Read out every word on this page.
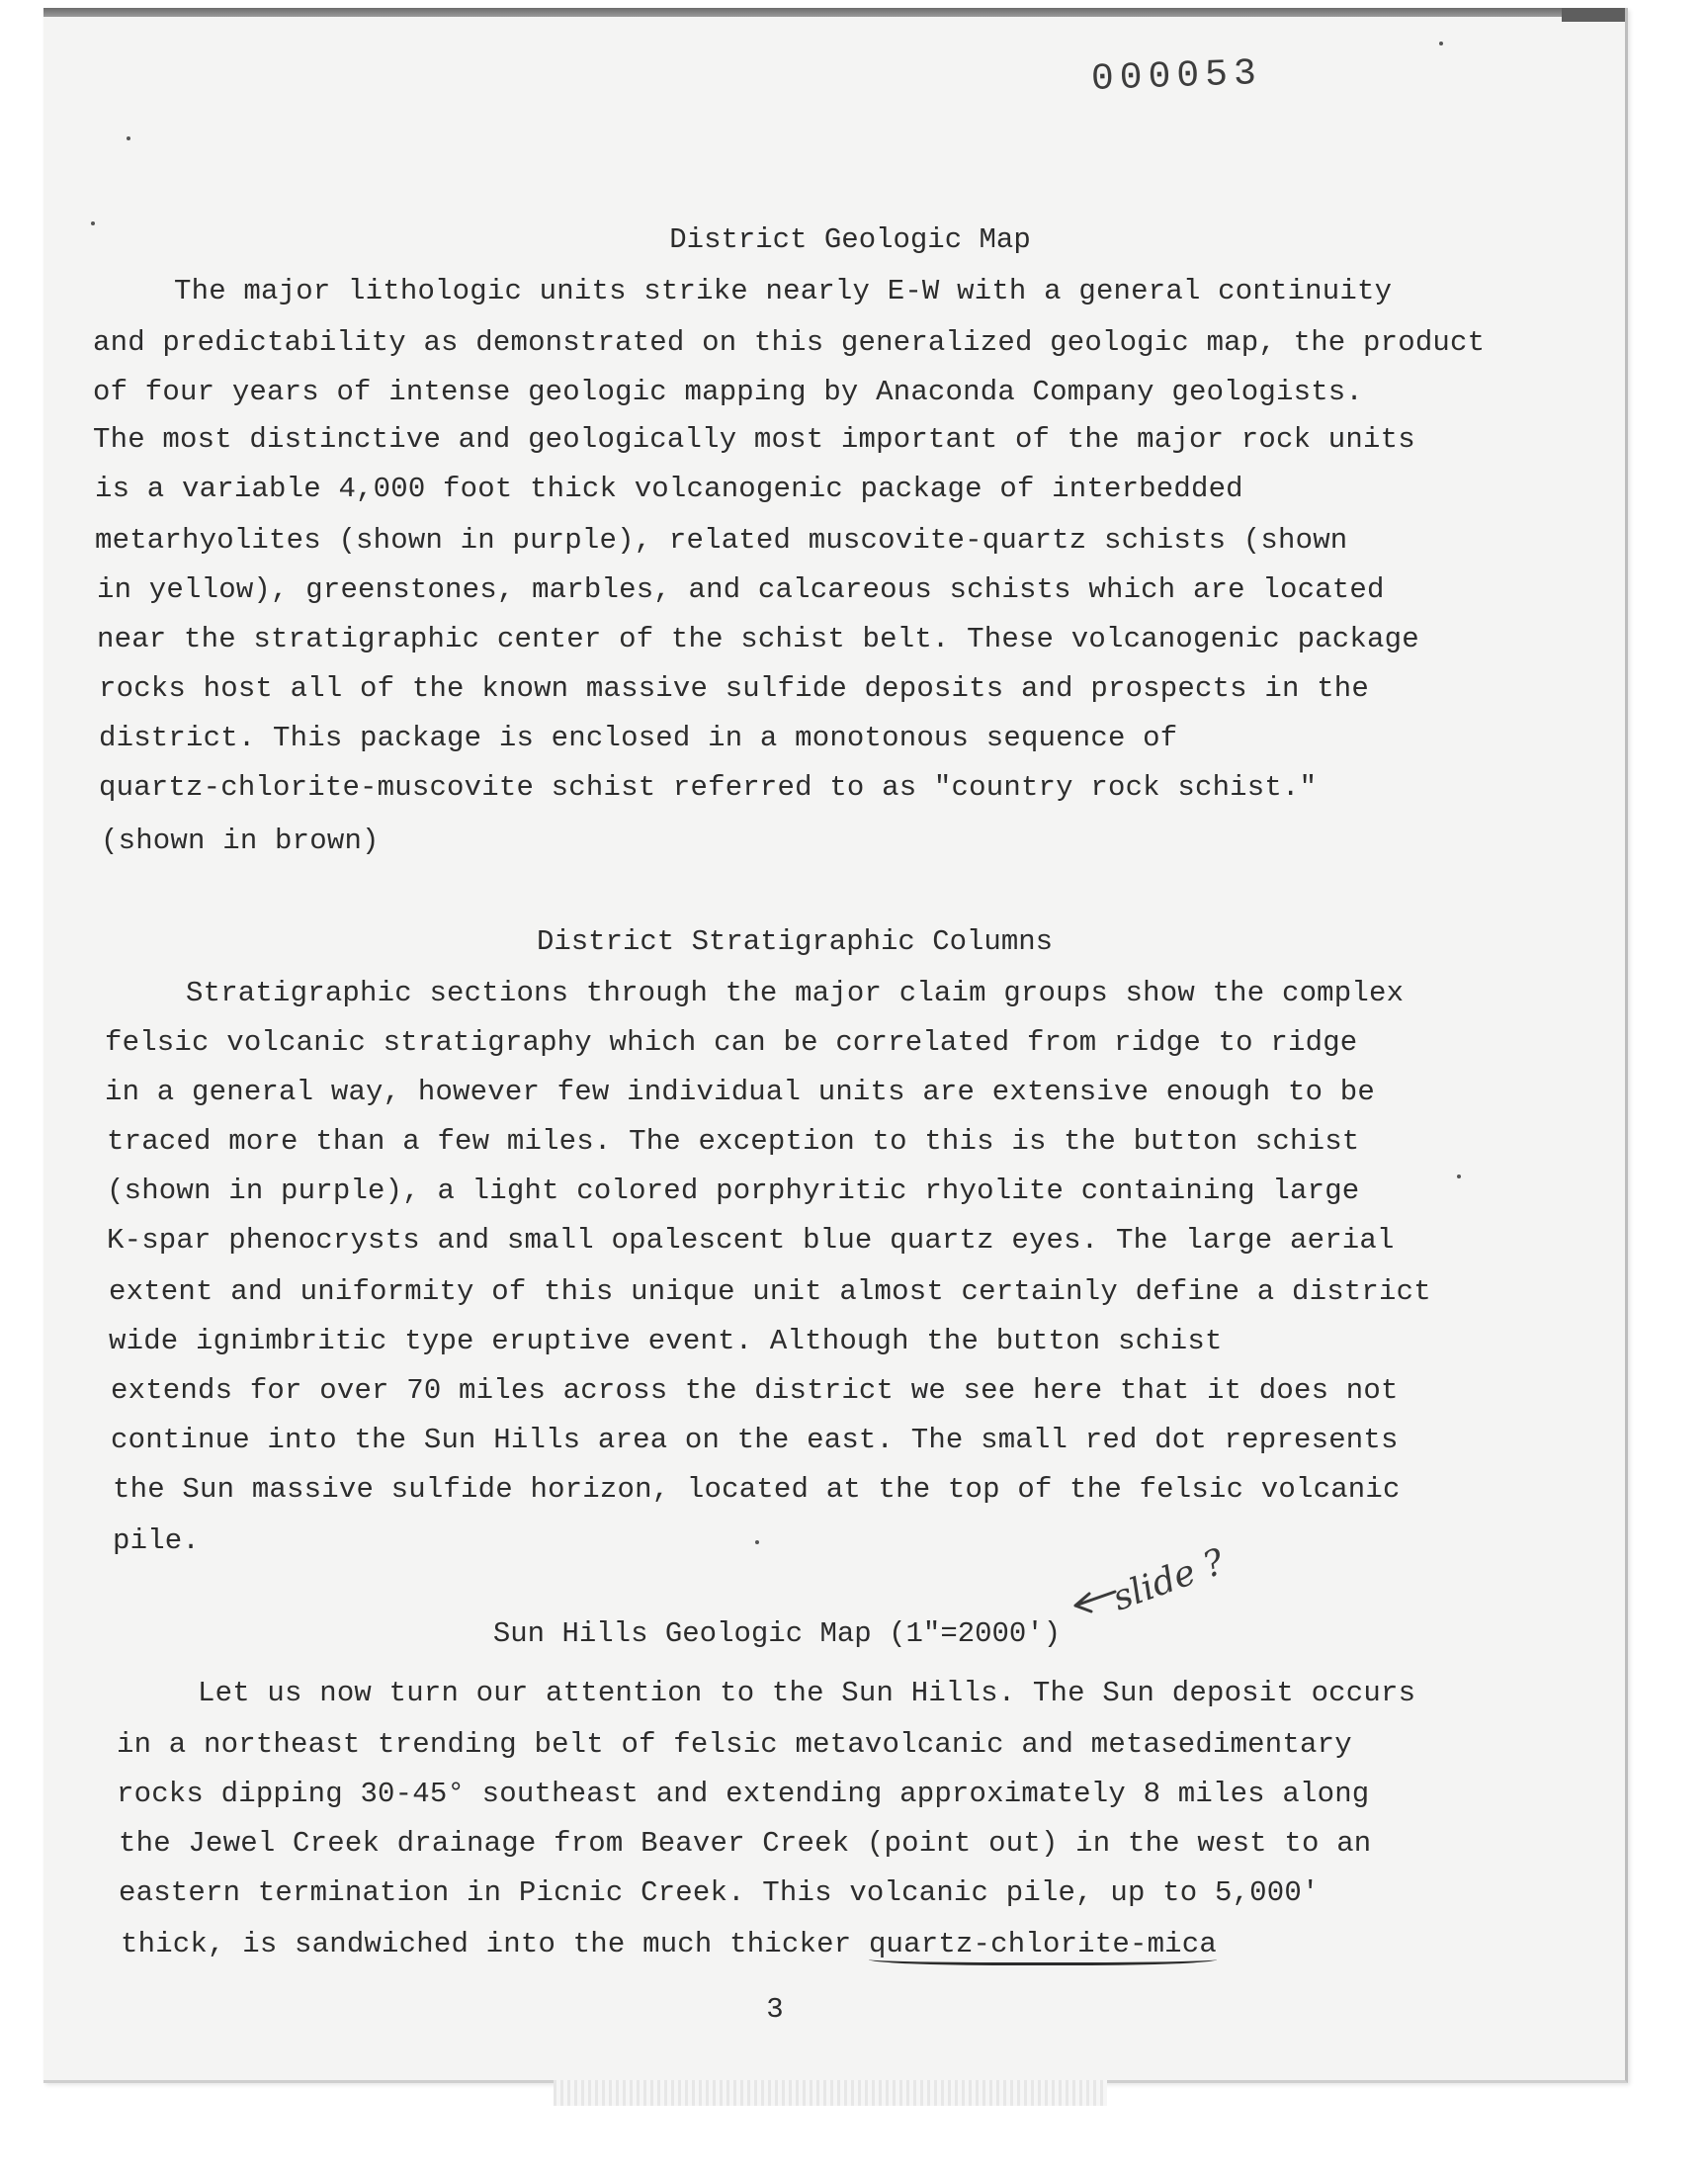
000053
District Geologic Map
The major lithologic units strike nearly E-W with a general continuity
and predictability as demonstrated on this generalized geologic map, the product
of four years of intense geologic mapping by Anaconda Company geologists.
The most distinctive and geologically most important of the major rock units
is a variable 4,000 foot thick volcanogenic package of interbedded
metarhyolites (shown in purple), related muscovite-quartz schists (shown
in yellow), greenstones, marbles, and calcareous schists which are located
near the stratigraphic center of the schist belt. These volcanogenic package
rocks host all of the known massive sulfide deposits and prospects in the
district. This package is enclosed in a monotonous sequence of
quartz-chlorite-muscovite schist referred to as "country rock schist."
(shown in brown)
District Stratigraphic Columns
Stratigraphic sections through the major claim groups show the complex
felsic volcanic stratigraphy which can be correlated from ridge to ridge
in a general way, however few individual units are extensive enough to be
traced more than a few miles. The exception to this is the button schist
(shown in purple), a light colored porphyritic rhyolite containing large
K-spar phenocrysts and small opalescent blue quartz eyes. The large aerial
extent and uniformity of this unique unit almost certainly define a district
wide ignimbritic type eruptive event. Although the button schist
extends for over 70 miles across the district we see here that it does not
continue into the Sun Hills area on the east. The small red dot represents
the Sun massive sulfide horizon, located at the top of the felsic volcanic
pile.
Sun Hills Geologic Map (1"=2000')
slide ?
Let us now turn our attention to the Sun Hills. The Sun deposit occurs
in a northeast trending belt of felsic metavolcanic and metasedimentary
rocks dipping 30-45° southeast and extending approximately 8 miles along
the Jewel Creek drainage from Beaver Creek (point out) in the west to an
eastern termination in Picnic Creek. This volcanic pile, up to 5,000'
thick, is sandwiched into the much thicker quartz-chlorite-mica
3
